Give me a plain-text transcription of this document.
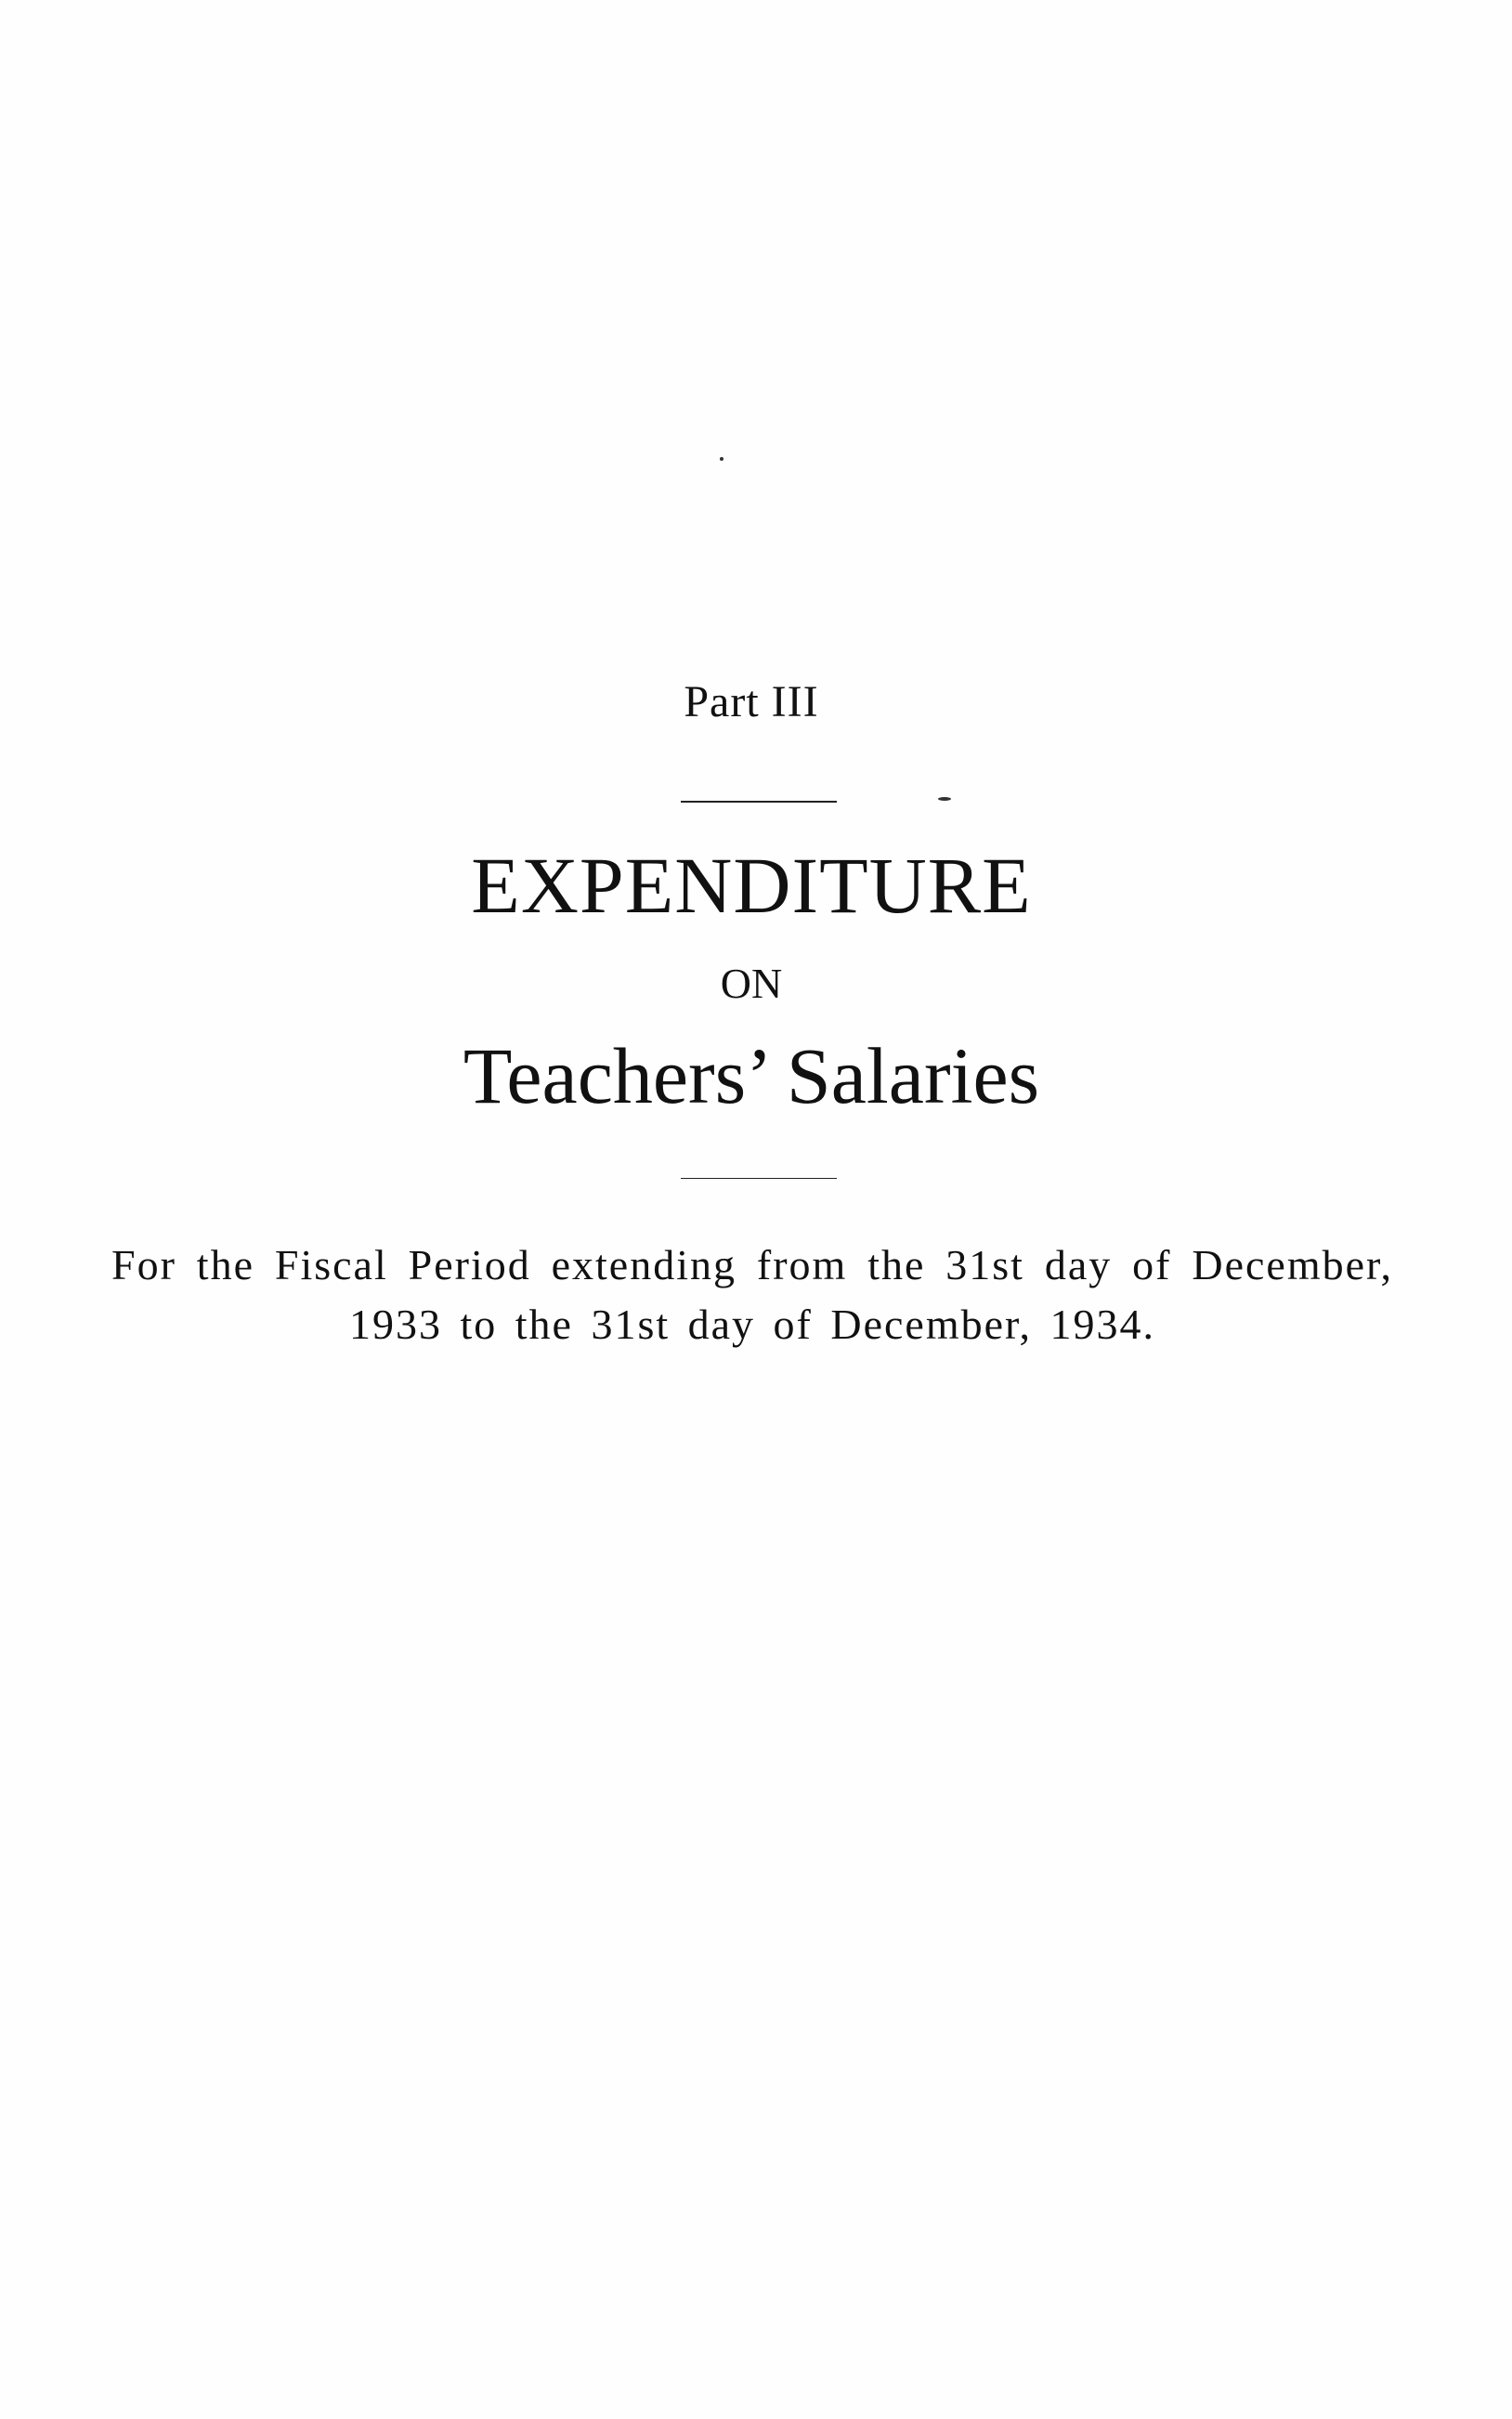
Part III
EXPENDITURE
ON
Teachers’ Salaries
For the Fiscal Period extending from the 31st day of December, 1933 to the 31st day of December, 1934.
